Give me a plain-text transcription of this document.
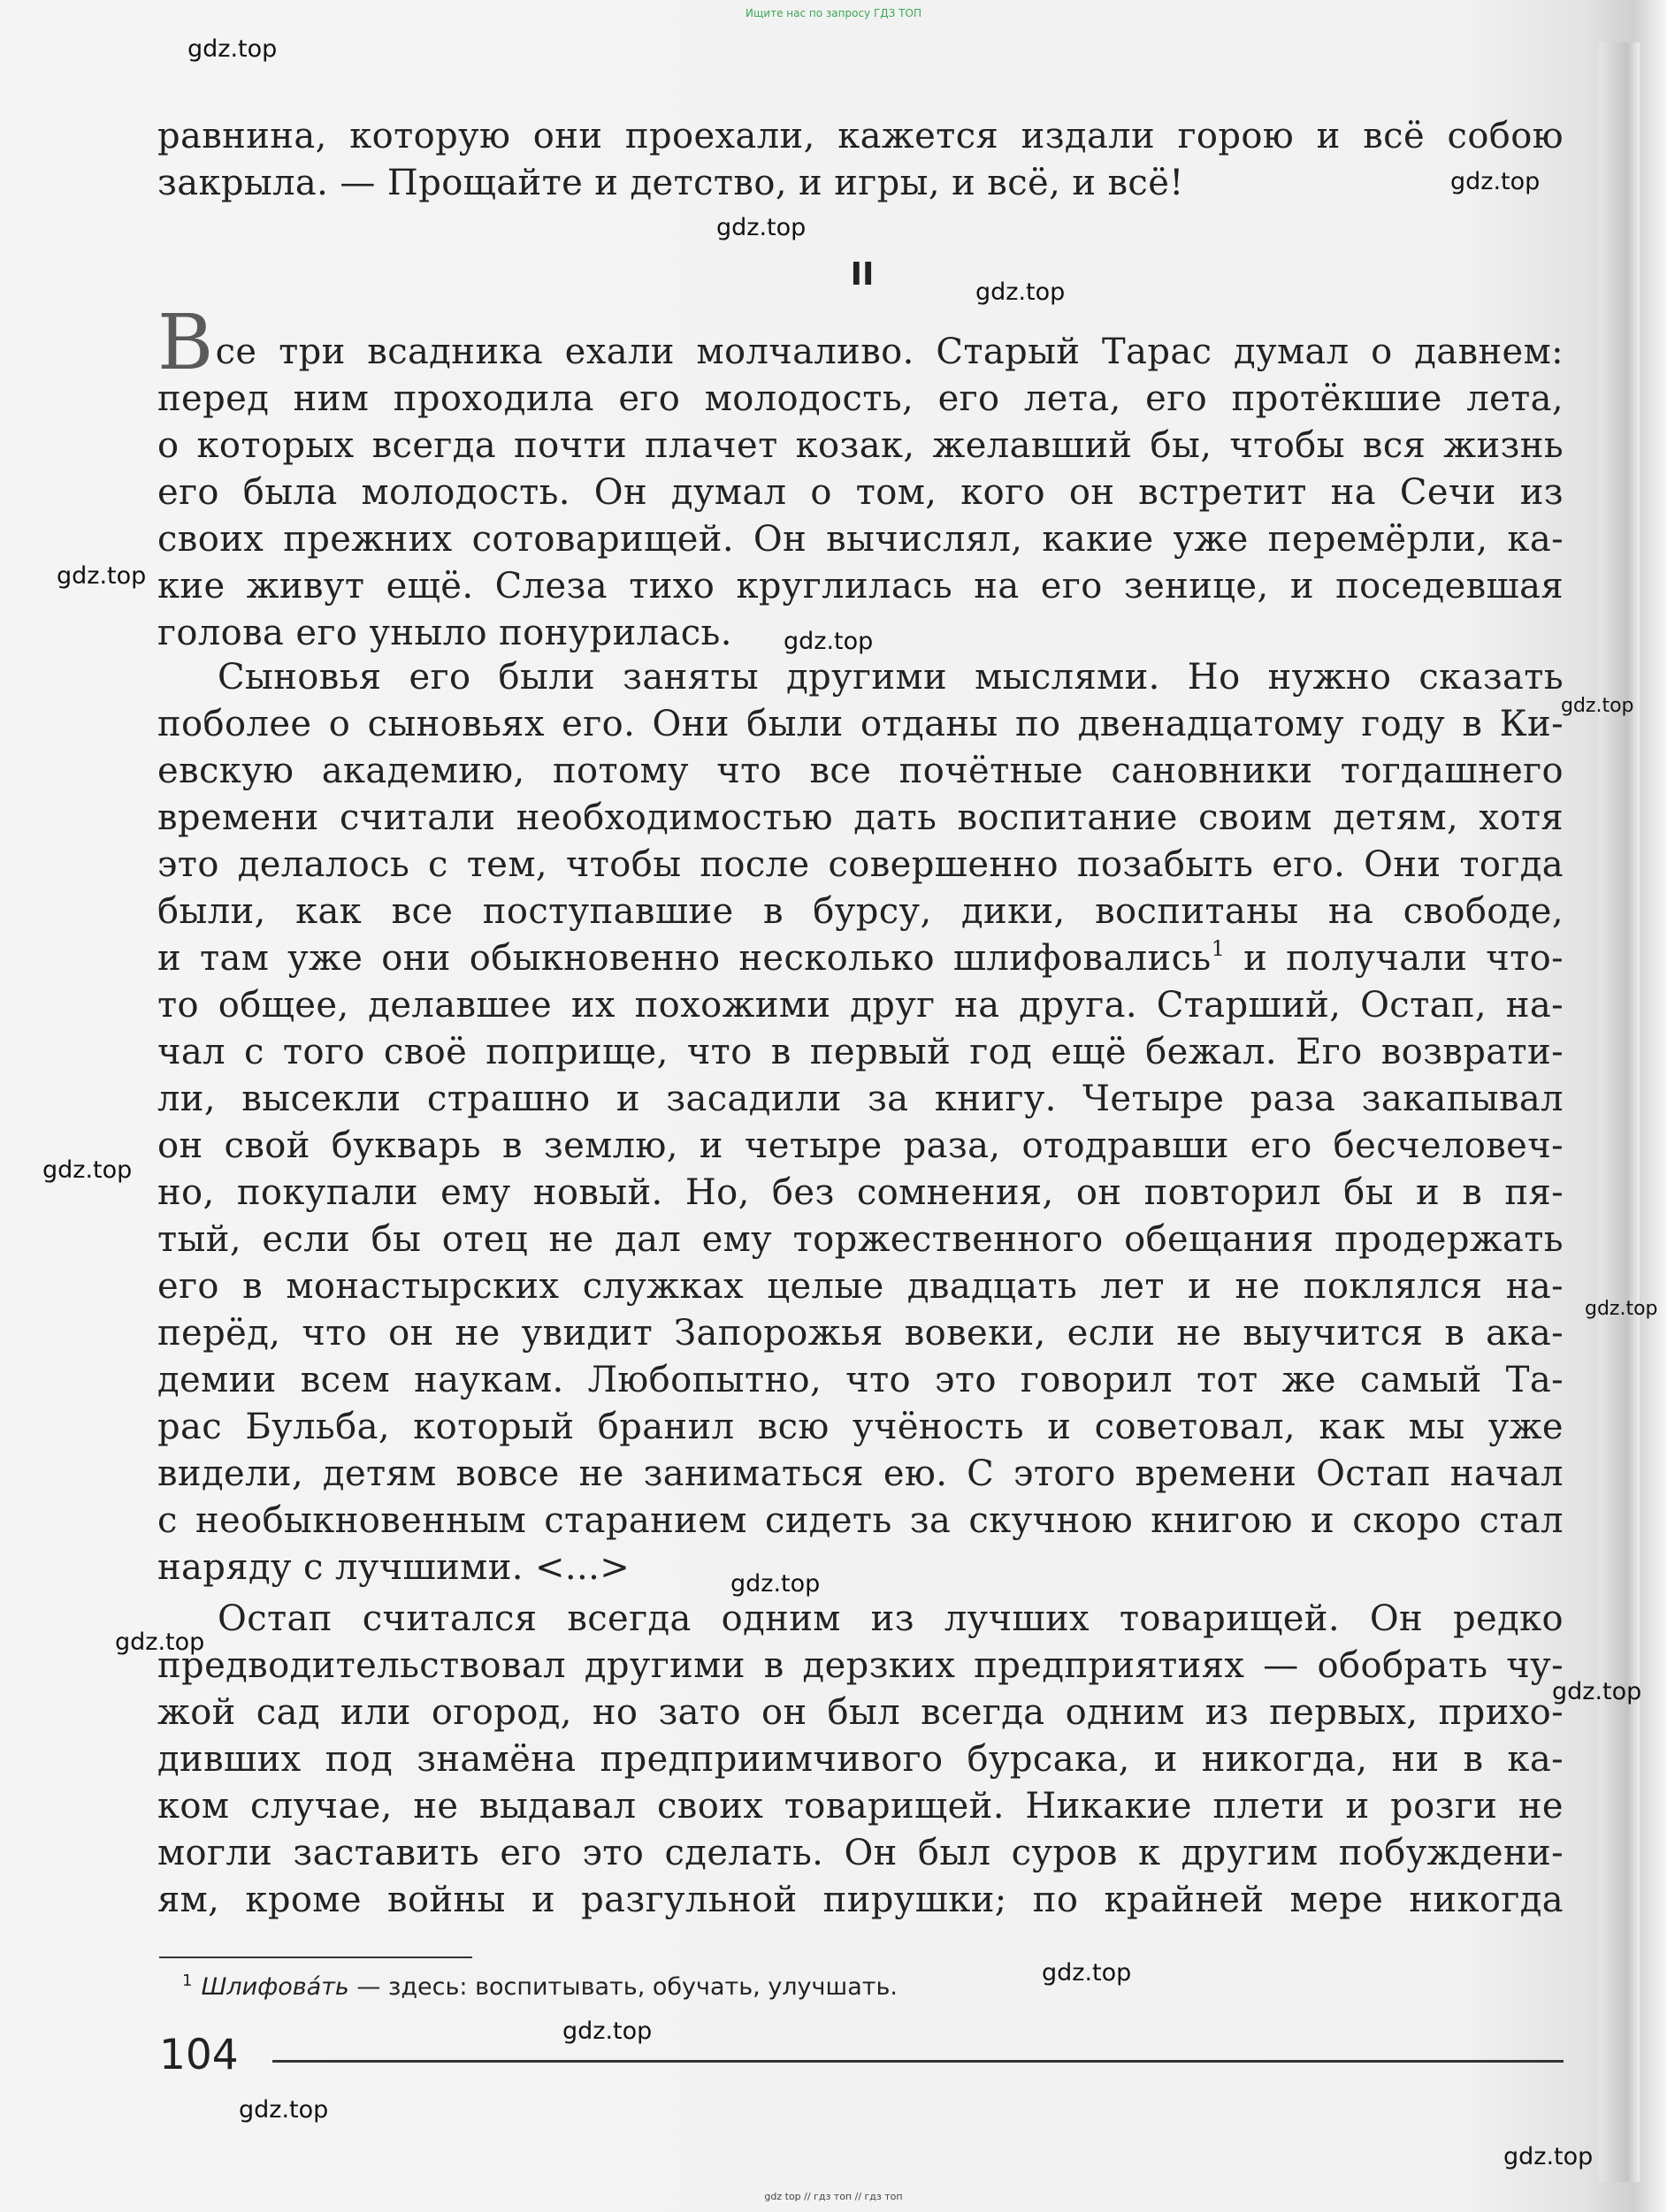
Ищите нас по запросу ГДЗ ТОП
gdz.top
gdz.top
gdz.top
gdz.top
gdz.top
gdz.top
gdz.top
gdz.top
gdz.top
gdz.top
gdz.top
gdz.top
gdz.top
gdz.top
gdz.top
gdz.top
равнина, которую они проехали, кажется издали горою и всё собою
закрыла. — Прощайте и детство, и игры, и всё, и всё!
II
Все три всадника ехали молчаливо. Старый Тарас думал о давнем:
перед ним проходила его молодость, его лета, его протёкшие лета,
о которых всегда почти плачет козак, желавший бы, чтобы вся жизнь
его была молодость. Он думал о том, кого он встретит на Сечи из
своих прежних сотоварищей. Он вычислял, какие уже перемёрли, ка-
кие живут ещё. Слеза тихо круглилась на его зенице, и поседевшая
голова его уныло понурилась.
Сыновья его были заняты другими мыслями. Но нужно сказать
поболее о сыновьях его. Они были отданы по двенадцатому году в Ки-
евскую академию, потому что все почётные сановники тогдашнего
времени считали необходимостью дать воспитание своим детям, хотя
это делалось с тем, чтобы после совершенно позабыть его. Они тогда
были, как все поступавшие в бурсу, дики, воспитаны на свободе,
и там уже они обыкновенно несколько шлифовались$^1$ и получали что-
то общее, делавшее их похожими друг на друга. Старший, Остап, на-
чал с того своё поприще, что в первый год ещё бежал. Его возврати-
ли, высекли страшно и засадили за книгу. Четыре раза закапывал
он свой букварь в землю, и четыре раза, отодравши его бесчеловеч-
но, покупали ему новый. Но, без сомнения, он повторил бы и в пя-
тый, если бы отец не дал ему торжественного обещания продержать
его в монастырских служках целые двадцать лет и не поклялся на-
перёд, что он не увидит Запорожья вовеки, если не выучится в ака-
демии всем наукам. Любопытно, что это говорил тот же самый Та-
рас Бульба, который бранил всю учёность и советовал, как мы уже
видели, детям вовсе не заниматься ею. С этого времени Остап начал
с необыкновенным старанием сидеть за скучною книгою и скоро стал
наряду с лучшими. <...>
Остап считался всегда одним из лучших товарищей. Он редко
предводительствовал другими в дерзких предприятиях — обобрать чу-
жой сад или огород, но зато он был всегда одним из первых, прихо-
дивших под знамёна предприимчивого бурсака, и никогда, ни в ка-
ком случае, не выдавал своих товарищей. Никакие плети и розги не
могли заставить его это сделать. Он был суров к другим побуждени-
ям, кроме войны и разгульной пирушки; по крайней мере никогда
$^1$ Шлифова́ть — здесь: воспитывать, обучать, улучшать.
104
gdz top // гдз топ // гдз топ
